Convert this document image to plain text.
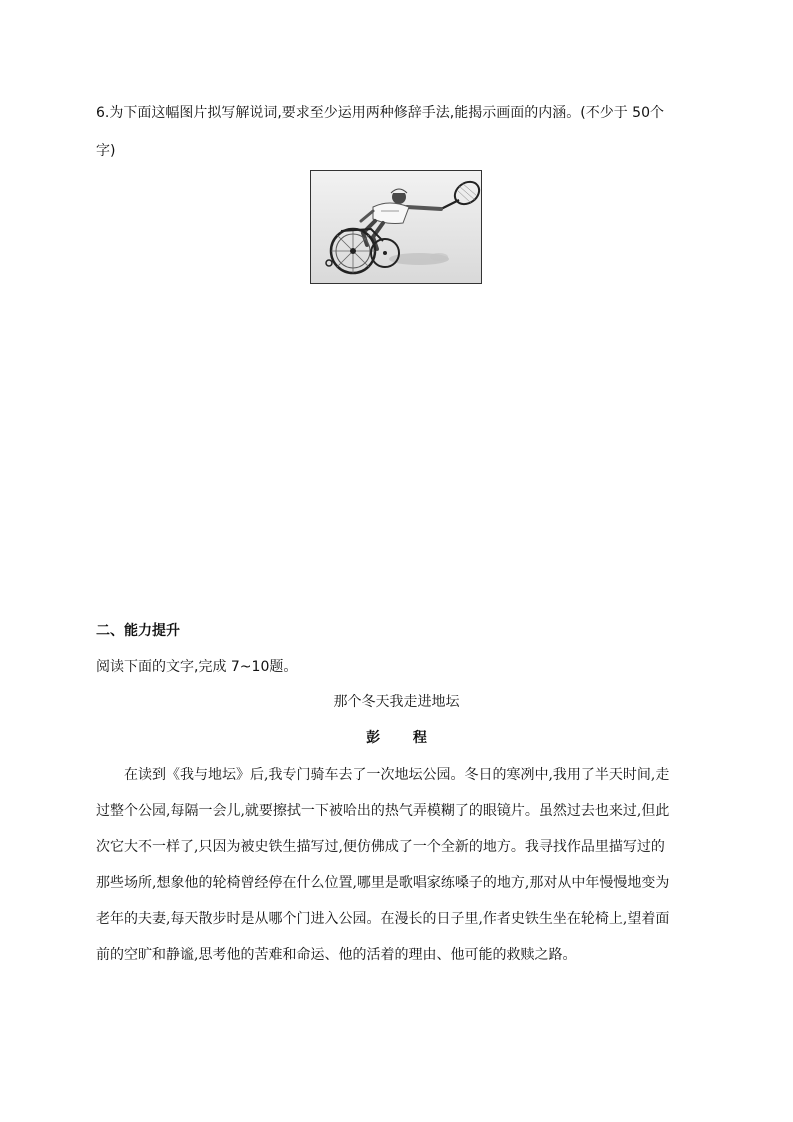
6.为下面这幅图片拟写解说词,要求至少运用两种修辞手法,能揭示画面的内涵。(不少于 50个
字)
二、能力提升
阅读下面的文字,完成 7~10题。
那个冬天我走进地坛
彭 程
在读到《我与地坛》后,我专门骑车去了一次地坛公园。冬日的寒冽中,我用了半天时间,走
过整个公园,每隔一会儿,就要擦拭一下被哈出的热气弄模糊了的眼镜片。虽然过去也来过,但此
次它大不一样了,只因为被史铁生描写过,便仿佛成了一个全新的地方。我寻找作品里描写过的
那些场所,想象他的轮椅曾经停在什么位置,哪里是歌唱家练嗓子的地方,那对从中年慢慢地变为
老年的夫妻,每天散步时是从哪个门进入公园。在漫长的日子里,作者史铁生坐在轮椅上,望着面
前的空旷和静谧,思考他的苦难和命运、他的活着的理由、他可能的救赎之路。
